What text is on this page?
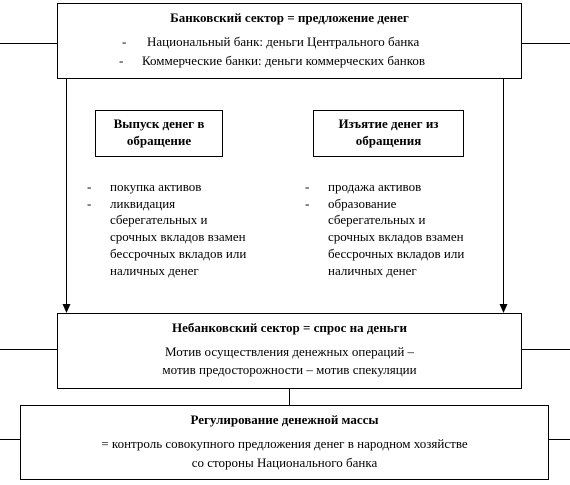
Банковский сектор = предложение денег
- Национальный банк: деньги Центрального банка
- Коммерческие банки: деньги коммерческих банков
Выпуск денег в
обращение
Изъятие денег из
обращения
- покупка активов
- ликвидация
сберегательных и
срочных вкладов взамен
бессрочных вкладов или
наличных денег
- продажа активов
- образование
сберегательных и
срочных вкладов взамен
бессрочных вкладов или
наличных денег
Небанковский сектор = спрос на деньги
Мотив осуществления денежных операций –
мотив предосторожности – мотив спекуляции
Регулирование денежной массы
= контроль совокупного предложения денег в народном хозяйстве
со стороны Национального банка
